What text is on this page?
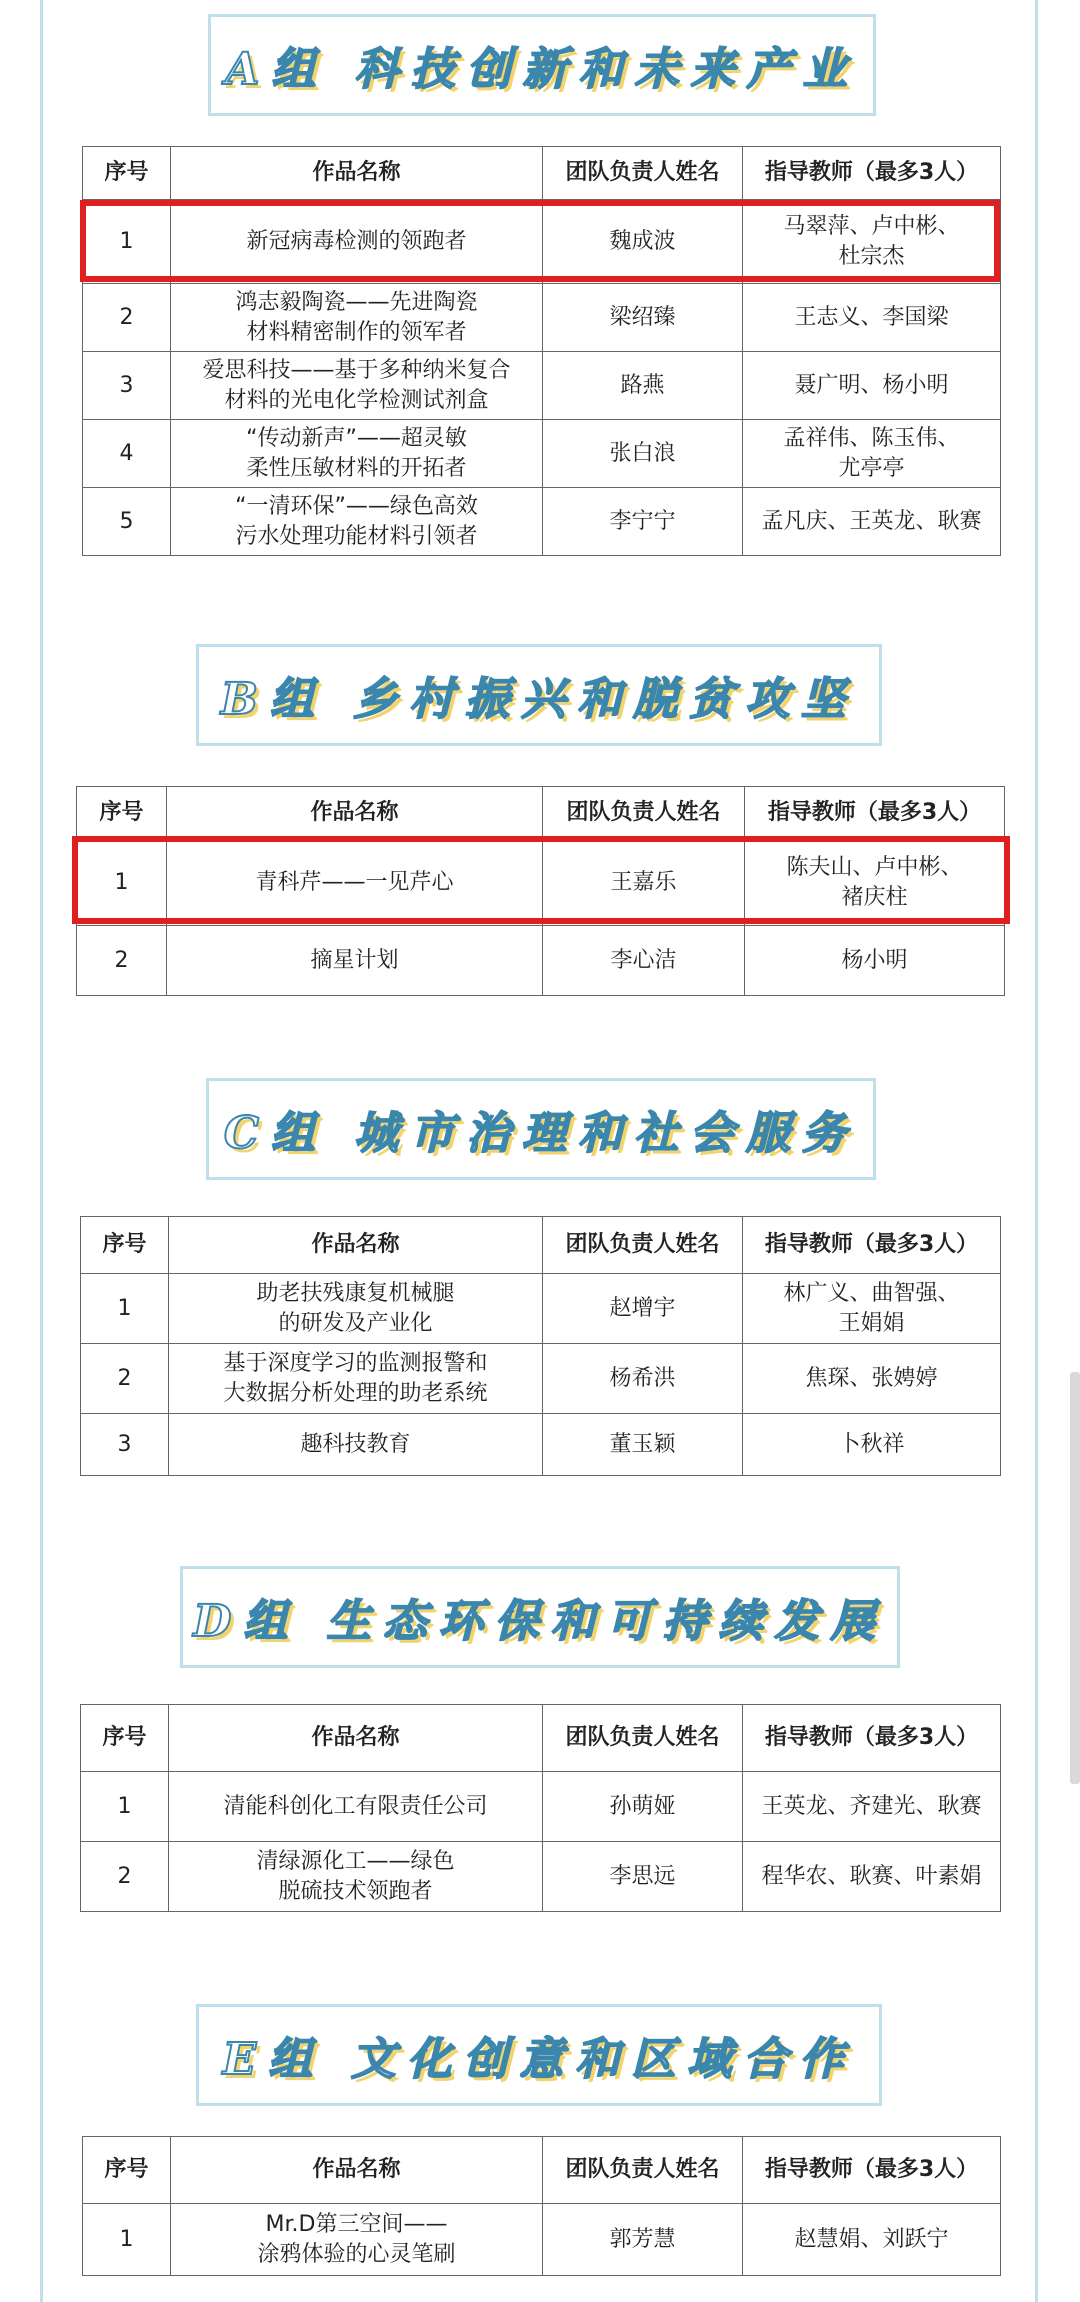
A组 科技创新和未来产业
序号	作品名称	团队负责人姓名	指导教师（最多3人）
1	新冠病毒检测的领跑者	魏成波	马翠萍、卢中彬、
杜宗杰
2	鸿志毅陶瓷——先进陶瓷
材料精密制作的领军者	梁绍臻	王志义、李国梁
3	爱思科技——基于多种纳米复合
材料的光电化学检测试剂盒	路燕	聂广明、杨小明
4	“传动新声”——超灵敏
柔性压敏材料的开拓者	张白浪	孟祥伟、陈玉伟、
尤亭亭
5	“一清环保”——绿色高效
污水处理功能材料引领者	李宁宁	孟凡庆、王英龙、耿赛
B组 乡村振兴和脱贫攻坚
序号	作品名称	团队负责人姓名	指导教师（最多3人）
1	青科芹——一见芹心	王嘉乐	陈夫山、卢中彬、
褚庆柱
2	摘星计划	李心洁	杨小明
C组 城市治理和社会服务
序号	作品名称	团队负责人姓名	指导教师（最多3人）
1	助老扶残康复机械腿
的研发及产业化	赵增宇	林广义、曲智强、
王娟娟
2	基于深度学习的监测报警和
大数据分析处理的助老系统	杨希洪	焦琛、张娉婷
3	趣科技教育	董玉颖	卜秋祥
D组 生态环保和可持续发展
序号	作品名称	团队负责人姓名	指导教师（最多3人）
1	清能科创化工有限责任公司	孙萌娅	王英龙、齐建光、耿赛
2	清绿源化工——绿色
脱硫技术领跑者	李思远	程华农、耿赛、叶素娟
E组 文化创意和区域合作
序号	作品名称	团队负责人姓名	指导教师（最多3人）
1	Mr.D第三空间——
涂鸦体验的心灵笔刷	郭芳慧	赵慧娟、刘跃宁
